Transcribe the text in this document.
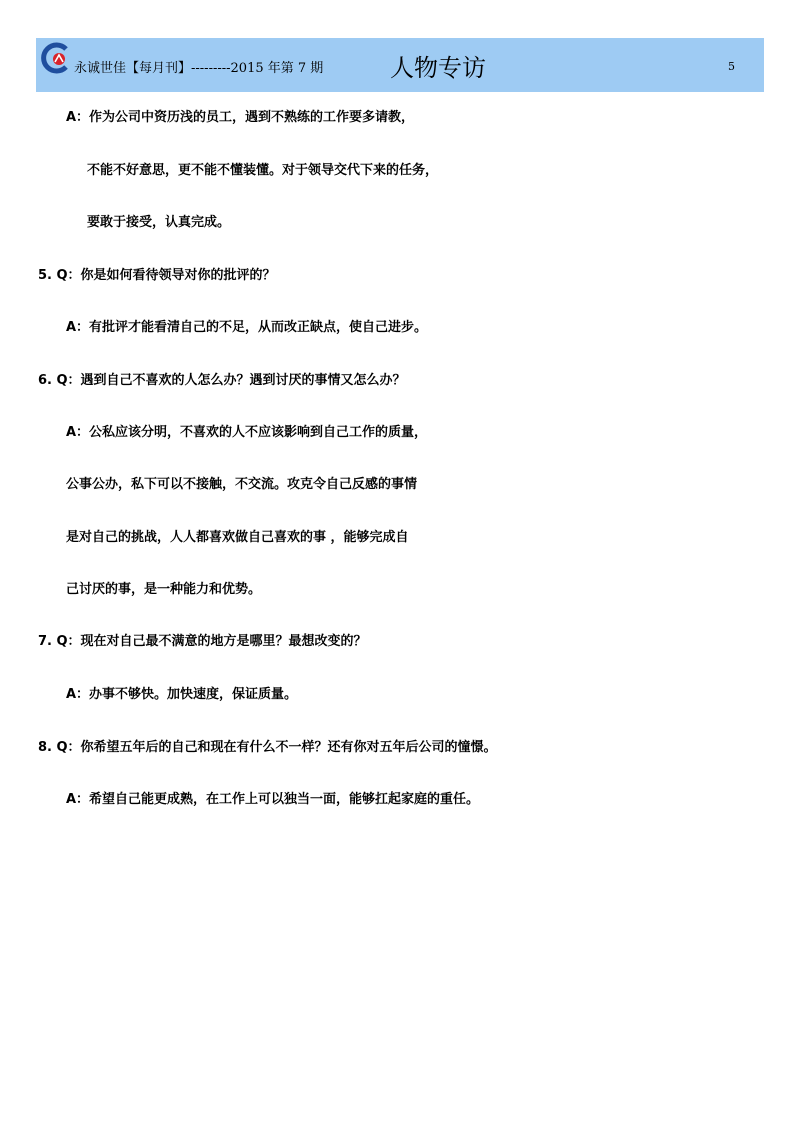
永诚世佳【每月刊】---------2015 年第 7 期	人物专访	5
A：作为公司中资历浅的员工，遇到不熟练的工作要多请教，
不能不好意思，更不能不懂装懂。对于领导交代下来的任务，
要敢于接受，认真完成。
5. Q：你是如何看待领导对你的批评的？
A：有批评才能看清自己的不足，从而改正缺点，使自己进步。
6. Q：遇到自己不喜欢的人怎么办？遇到讨厌的事情又怎么办？
A：公私应该分明，不喜欢的人不应该影响到自己工作的质量，
公事公办，私下可以不接触，不交流。攻克令自己反感的事情
是对自己的挑战，人人都喜欢做自己喜欢的事 ，能够完成自
己讨厌的事，是一种能力和优势。
7. Q：现在对自己最不满意的地方是哪里？最想改变的？
A：办事不够快。加快速度，保证质量。
8. Q：你希望五年后的自己和现在有什么不一样？还有你对五年后公司的憧憬。
A：希望自己能更成熟，在工作上可以独当一面，能够扛起家庭的重任。
